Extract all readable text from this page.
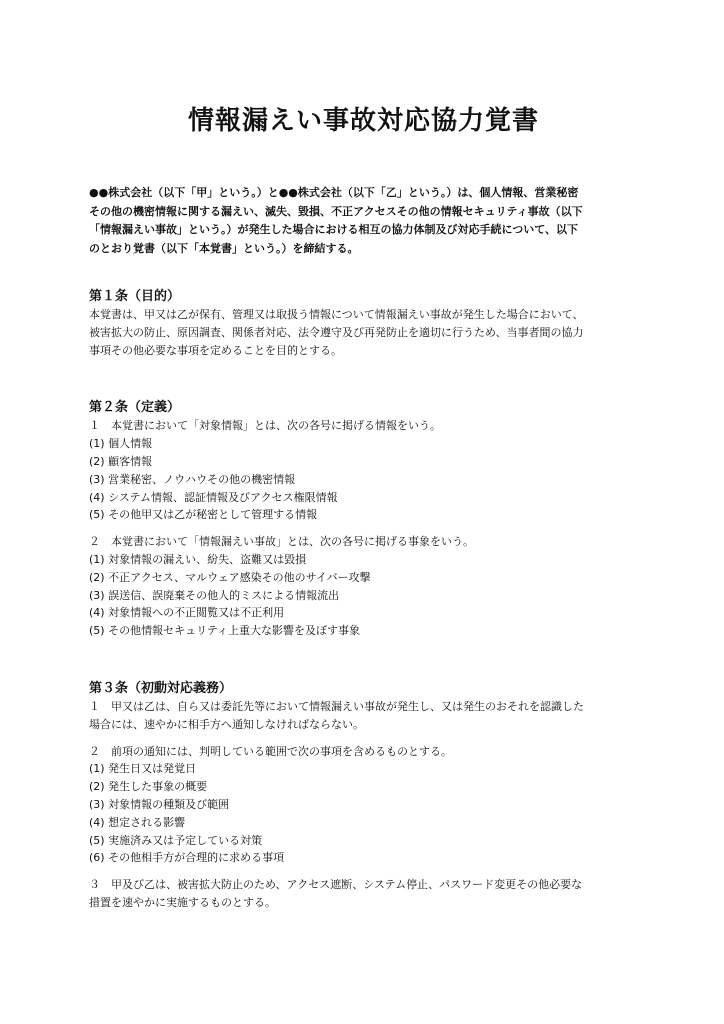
情報漏えい事故対応協力覚書

●●株式会社（以下「甲」という。）と●●株式会社（以下「乙」という。）は、個人情報、営業秘密

その他の機密情報に関する漏えい、滅失、毀損、不正アクセスその他の情報セキュリティ事故（以下

「情報漏えい事故」という。）が発生した場合における相互の協力体制及び対応手続について、以下

のとおり覚書（以下「本覚書」という。）を締結する。

第１条（目的）

本覚書は、甲又は乙が保有、管理又は取扱う情報について情報漏えい事故が発生した場合において、

被害拡大の防止、原因調査、関係者対応、法令遵守及び再発防止を適切に行うため、当事者間の協力

事項その他必要な事項を定めることを目的とする。

第２条（定義）

１　本覚書において「対象情報」とは、次の各号に掲げる情報をいう。

(1) 個人情報

(2) 顧客情報

(3) 営業秘密、ノウハウその他の機密情報

(4) システム情報、認証情報及びアクセス権限情報

(5) その他甲又は乙が秘密として管理する情報

２　本覚書において「情報漏えい事故」とは、次の各号に掲げる事象をいう。

(1) 対象情報の漏えい、紛失、盗難又は毀損

(2) 不正アクセス、マルウェア感染その他のサイバー攻撃

(3) 誤送信、誤廃棄その他人的ミスによる情報流出

(4) 対象情報への不正閲覧又は不正利用

(5) その他情報セキュリティ上重大な影響を及ぼす事象

第３条（初動対応義務）

１　甲又は乙は、自ら又は委託先等において情報漏えい事故が発生し、又は発生のおそれを認識した

場合には、速やかに相手方へ通知しなければならない。

２　前項の通知には、判明している範囲で次の事項を含めるものとする。

(1) 発生日又は発覚日

(2) 発生した事象の概要

(3) 対象情報の種類及び範囲

(4) 想定される影響

(5) 実施済み又は予定している対策

(6) その他相手方が合理的に求める事項

３　甲及び乙は、被害拡大防止のため、アクセス遮断、システム停止、パスワード変更その他必要な

措置を速やかに実施するものとする。
